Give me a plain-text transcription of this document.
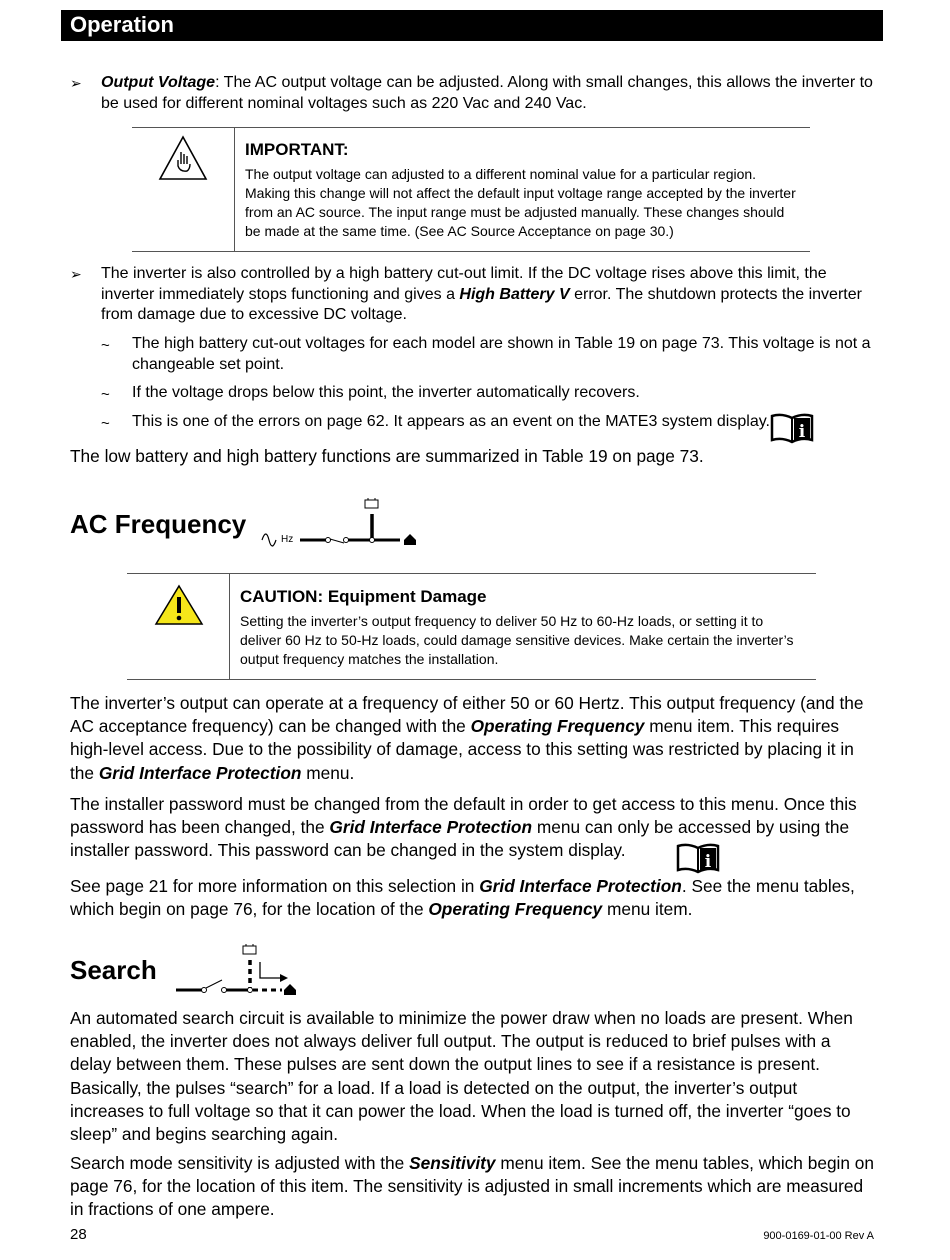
Operation
➢ Output Voltage: The AC output voltage can be adjusted. Along with small changes, this allows the inverter to be used for different nominal voltages such as 220 Vac and 240 Vac.

IMPORTANT:
The output voltage can adjusted to a different nominal value for a particular region. Making this change will not affect the default input voltage range accepted by the inverter from an AC source. The input range must be adjusted manually. These changes should be made at the same time. (See AC Source Acceptance on page 30.)
➢ The inverter is also controlled by a high battery cut-out limit. If the DC voltage rises above this limit, the inverter immediately stops functioning and gives a High Battery V error. The shutdown protects the inverter from damage due to excessive DC voltage.

~ The high battery cut-out voltages for each model are shown in Table 19 on page 73. This voltage is not a changeable set point.

~ If the voltage drops below this point, the inverter automatically recovers.

~ This is one of the errors on page 62. It appears as an event on the MATE3 system display.

i

The low battery and high battery functions are summarized in Table 19 on page 73.

AC Frequency
Hz
CAUTION: Equipment Damage
Setting the inverter’s output frequency to deliver 50 Hz to 60-Hz loads, or setting it to deliver 60 Hz to 50-Hz loads, could damage sensitive devices. Make certain the inverter’s output frequency matches the installation.

The inverter’s output can operate at a frequency of either 50 or 60 Hertz. This output frequency (and the AC acceptance frequency) can be changed with the Operating Frequency menu item. This requires high-level access. Due to the possibility of damage, access to this setting was restricted by placing it in the Grid Interface Protection menu.

The installer password must be changed from the default in order to get access to this menu. Once this password has been changed, the Grid Interface Protection menu can only be accessed by using the installer password. This password can be changed in the system display.

i

See page 21 for more information on this selection in Grid Interface Protection. See the menu tables, which begin on page 76, for the location of the Operating Frequency menu item.

Search

An automated search circuit is available to minimize the power draw when no loads are present. When enabled, the inverter does not always deliver full output. The output is reduced to brief pulses with a delay between them. These pulses are sent down the output lines to see if a resistance is present. Basically, the pulses “search” for a load. If a load is detected on the output, the inverter’s output increases to full voltage so that it can power the load. When the load is turned off, the inverter “goes to sleep” and begins searching again.

Search mode sensitivity is adjusted with the Sensitivity menu item. See the menu tables, which begin on page 76, for the location of this item. The sensitivity is adjusted in small increments which are measured in fractions of one ampere.

28	900-0169-01-00 Rev A
